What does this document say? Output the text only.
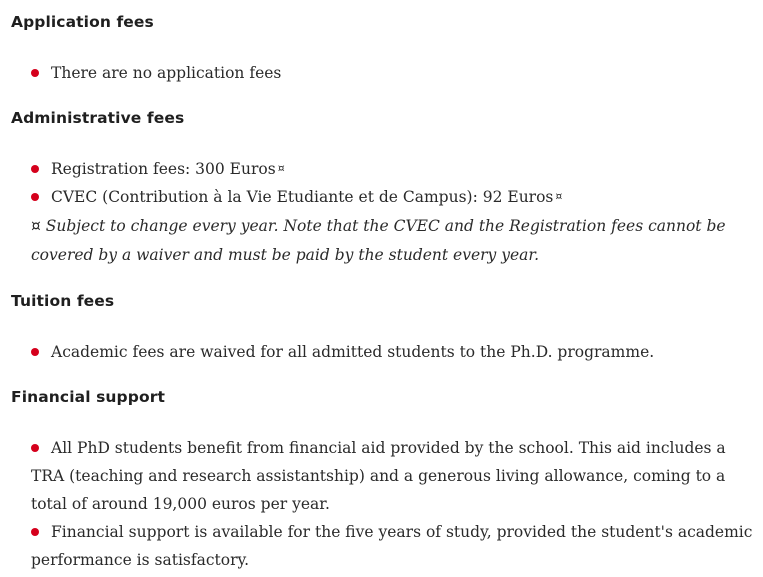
Application fees
There are no application fees
Administrative fees
Registration fees: 300 Euros ¤
CVEC (Contribution à la Vie Etudiante et de Campus): 92 Euros ¤

¤ Subject to change every year. Note that the CVEC and the Registration fees cannot be covered by a waiver and must be paid by the student every year.

Tuition fees
Academic fees are waived for all admitted students to the Ph.D. programme.
Financial support
All PhD students benefit from financial aid provided by the school. This aid includes a TRA (teaching and research assistantship) and a generous living allowance, coming to a total of around 19,000 euros per year.
Financial support is available for the five years of study, provided the student's academic performance is satisfactory.
